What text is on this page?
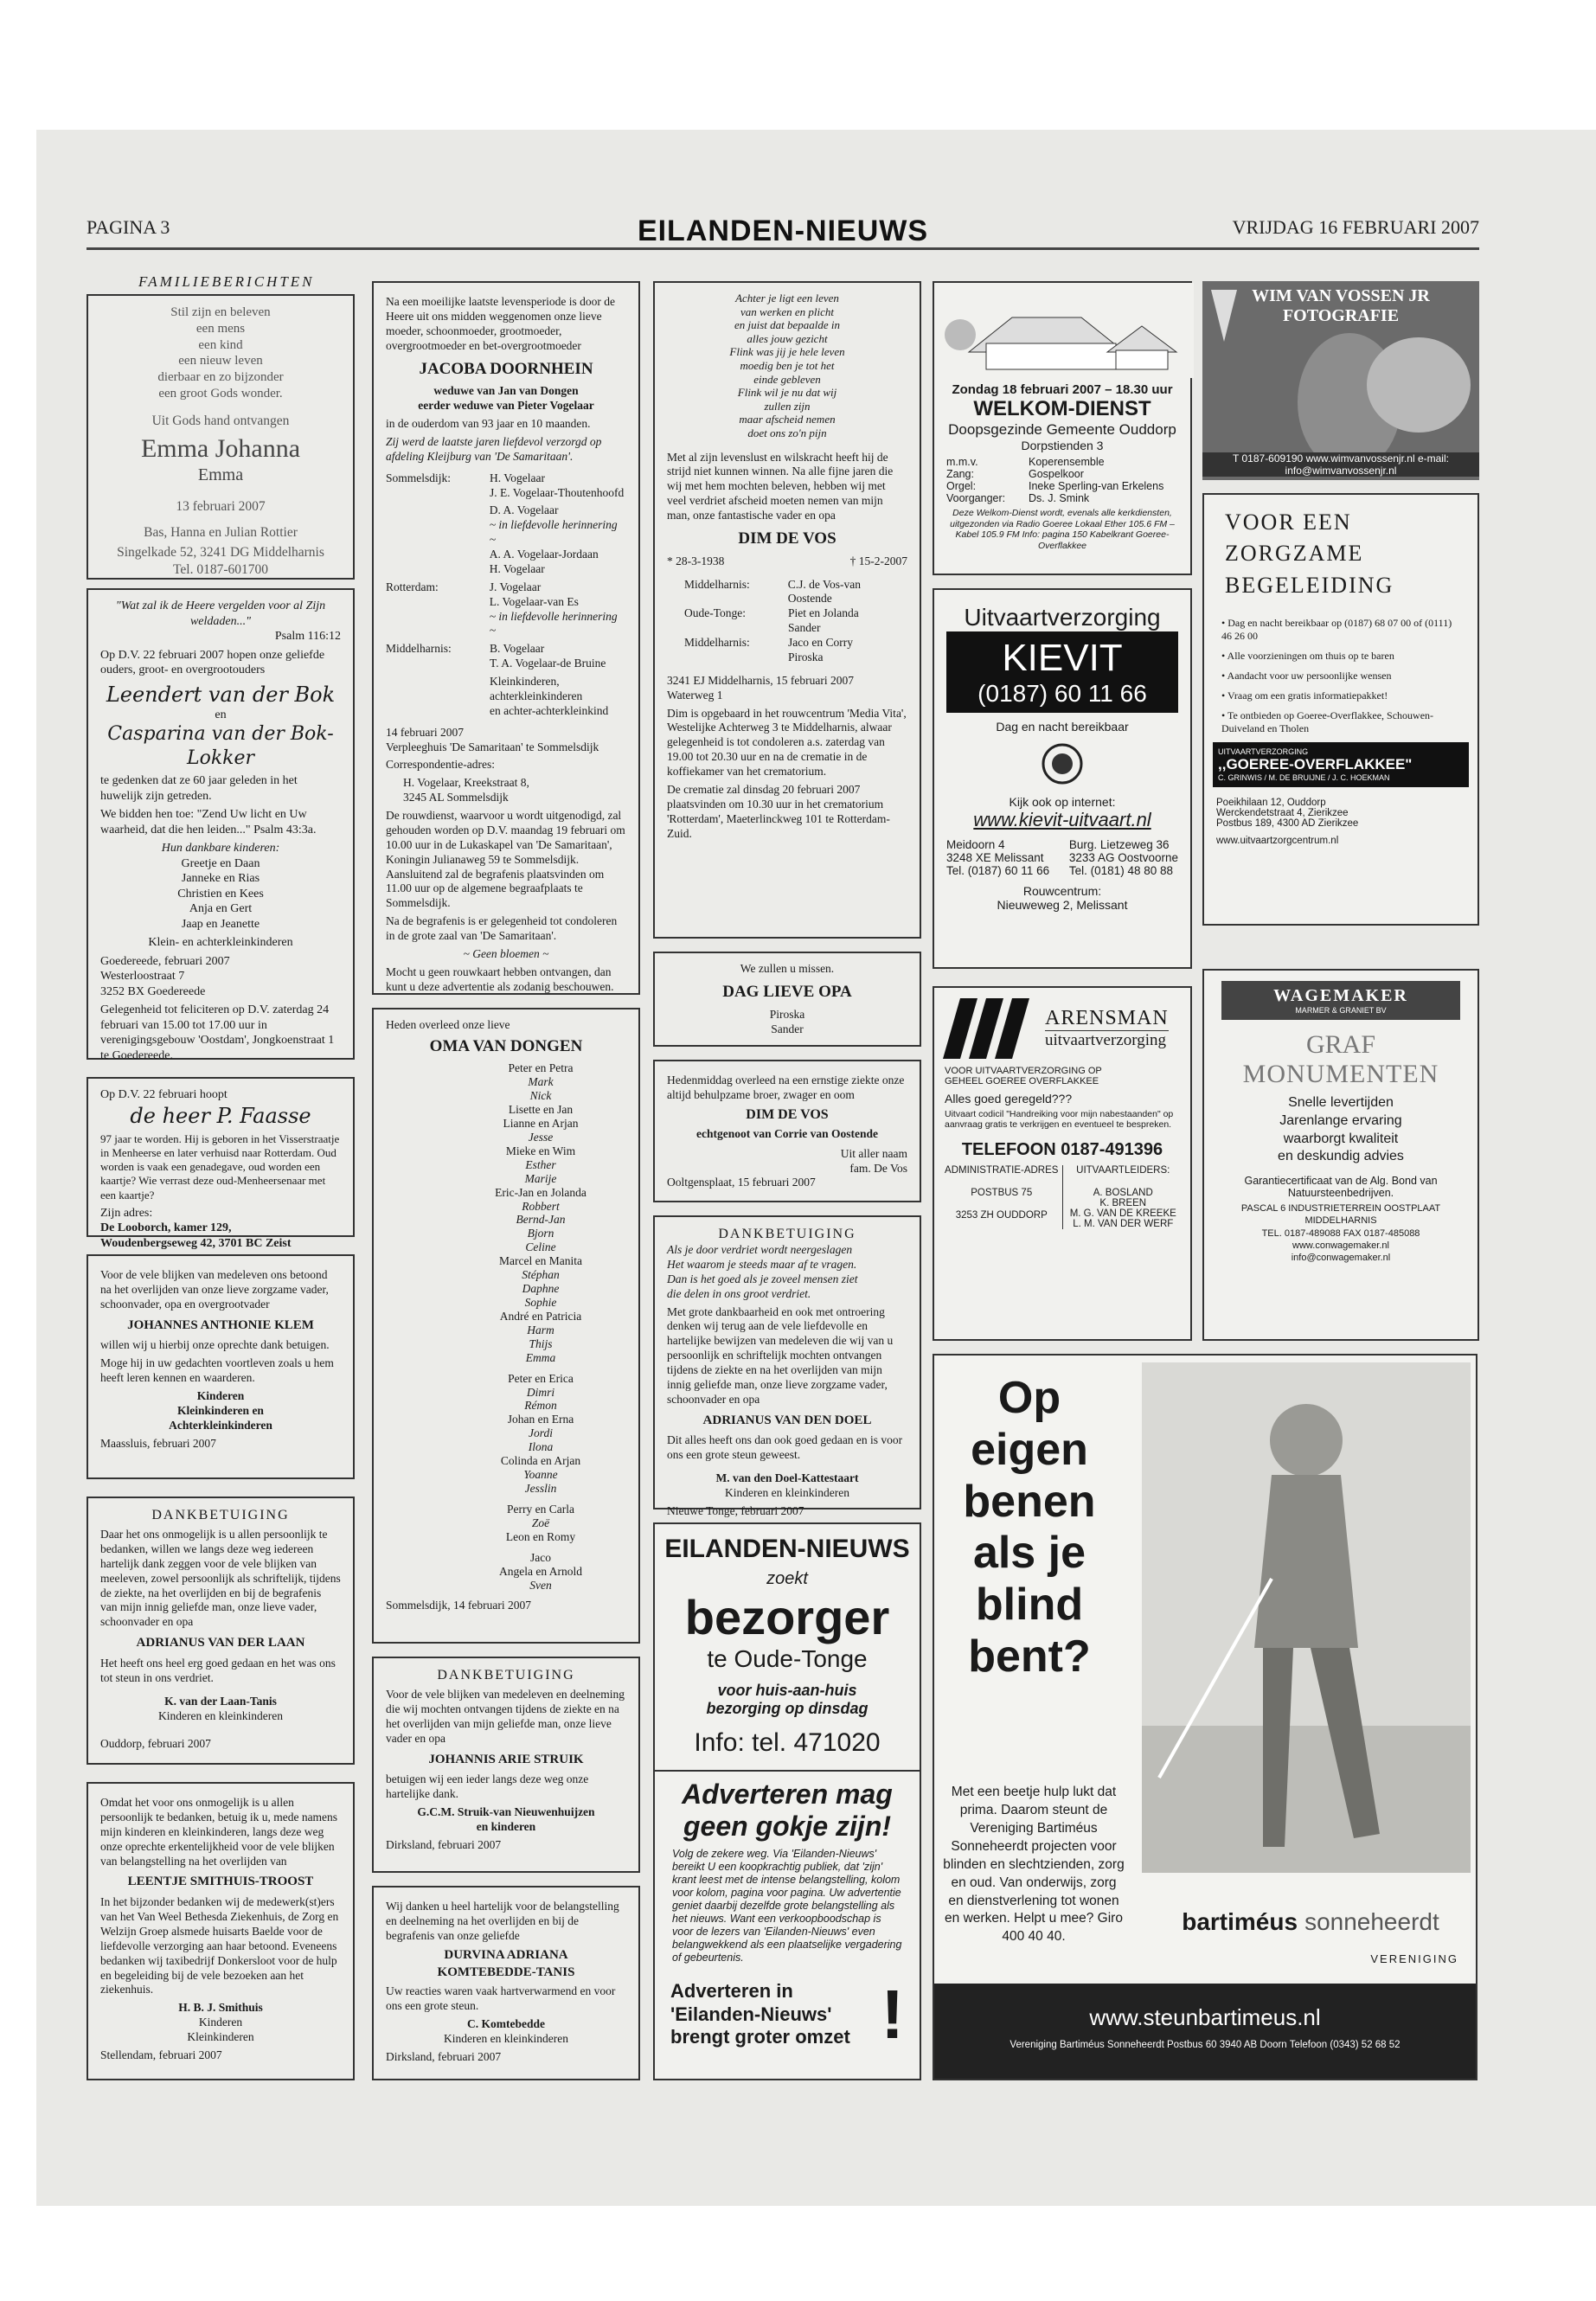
PAGINA 3	EILANDEN-NIEUWS	VRIJDAG 16 FEBRUARI 2007
FAMILIEBERICHTEN
Stil zijn en beleven
een mens
een kind
een nieuw leven
dierbaar en zo bijzonder
een groot Gods wonder.

Uit Gods hand ontvangen

Emma Johanna
Emma

13 februari 2007

Bas, Hanna en Julian Rottier

Singelkade 52, 3241 DG Middelharnis
Tel. 0187-601700
"Wat zal ik de Heere vergelden voor al Zijn weldaden..."
Psalm 116:12

Op D.V. 22 februari 2007 hopen onze geliefde ouders, groot- en overgrootouders

Leendert van der Bok
en
Casparina van der Bok-Lokker

te gedenken dat ze 60 jaar geleden in het huwelijk zijn getreden.

We bidden hen toe: "Zend Uw licht en Uw waarheid, dat die hen leiden..." Psalm 43:3a.

Hun dankbare kinderen:
Greetje en Daan
Janneke en Rias
Christien en Kees
Anja en Gert
Jaap en Jeanette

Klein- en achterkleinkinderen

Goedereede, februari 2007
Westerloostraat 7
3252 BX Goedereede

Gelegenheid tot feliciteren op D.V. zaterdag 24 februari van 15.00 tot 17.00 uur in verenigingsgebouw 'Oostdam', Jongkoenstraat 1 te Goedereede.

Op D.V. 22 februari hoopt
de heer P. Faasse

97 jaar te worden. Hij is geboren in het Visserstraatje in Menheerse en later verhuisd naar Rotterdam. Oud worden is vaak een genadegave, oud worden een kaartje? Wie verrast deze oud-Menheersenaar met een kaartje?

Zijn adres:
De Looborch, kamer 129,
Woudenbergseweg 42, 3701 BC Zeist

Voor de vele blijken van medeleven ons betoond na het overlijden van onze lieve zorgzame vader, schoonvader, opa en overgrootvader

JOHANNES ANTHONIE KLEM

willen wij u hierbij onze oprechte dank betuigen.

Moge hij in uw gedachten voortleven zoals u hem heeft leren kennen en waarderen.

Kinderen
Kleinkinderen en
Achterkleinkinderen

Maassluis, februari 2007

DANKBETUIGING

Daar het ons onmogelijk is u allen persoonlijk te bedanken, willen we langs deze weg iedereen hartelijk dank zeggen voor de vele blijken van meeleven, zowel persoonlijk als schriftelijk, tijdens de ziekte, na het overlijden en bij de begrafenis van mijn innig geliefde man, onze lieve vader, schoonvader en opa

ADRIANUS VAN DER LAAN

Het heeft ons heel erg goed gedaan en het was ons tot steun in ons verdriet.

K. van der Laan-Tanis
Kinderen en kleinkinderen

Ouddorp, februari 2007

Omdat het voor ons onmogelijk is u allen persoonlijk te bedanken, betuig ik u, mede namens mijn kinderen en kleinkinderen, langs deze weg onze oprechte erkentelijkheid voor de vele blijken van belangstelling na het overlijden van

LEENTJE SMITHUIS-TROOST

In het bijzonder bedanken wij de medewerk(st)ers van het Van Weel Bethesda Ziekenhuis, de Zorg en Welzijn Groep alsmede huisarts Baelde voor de liefdevolle verzorging aan haar betoond. Eveneens bedanken wij taxibedrijf Donkersloot voor de hulp en begeleiding bij de vele bezoeken aan het ziekenhuis.

H. B. J. Smithuis
Kinderen
Kleinkinderen

Stellendam, februari 2007

Na een moeilijke laatste levensperiode is door de Heere uit ons midden weggenomen onze lieve moeder, schoonmoeder, grootmoeder, overgrootmoeder en bet-overgrootmoeder

JACOBA DOORNHEIN
weduwe van Jan van Dongen
eerder weduwe van Pieter Vogelaar

in de ouderdom van 93 jaar en 10 maanden.

Zij werd de laatste jaren liefdevol verzorgd op afdeling Kleijburg van 'De Samaritaan'.

Sommelsdijk:	H. Vogelaar
J. E. Vogelaar-Thoutenhoofd
D. A. Vogelaar
~ in liefdevolle herinnering ~
A. A. Vogelaar-Jordaan
H. Vogelaar
Rotterdam:	J. Vogelaar
L. Vogelaar-van Es
~ in liefdevolle herinnering ~
Middelharnis:	B. Vogelaar
T. A. Vogelaar-de Bruine
Kleinkinderen,
achterkleinkinderen
en achter-achterkleinkind
14 februari 2007
Verpleeghuis 'De Samaritaan' te Sommelsdijk

Correspondentie-adres:

H. Vogelaar, Kreekstraat 8,
3245 AL Sommelsdijk

De rouwdienst, waarvoor u wordt uitgenodigd, zal gehouden worden op D.V. maandag 19 februari om 10.00 uur in de Lukaskapel van 'De Samaritaan', Koningin Julianaweg 59 te Sommelsdijk. Aansluitend zal de begrafenis plaatsvinden om 11.00 uur op de algemene begraafplaats te Sommelsdijk.

Na de begrafenis is er gelegenheid tot condoleren in de grote zaal van 'De Samaritaan'.

~ Geen bloemen ~

Mocht u geen rouwkaart hebben ontvangen, dan kunt u deze advertentie als zodanig beschouwen.

Heden overleed onze lieve
OMA VAN DONGEN
Peter en Petra
Mark
Nick
Lisette en Jan
Lianne en Arjan
Jesse
Mieke en Wim
Esther
Marije
Eric-Jan en Jolanda
Robbert
Bernd-Jan
Bjorn
Celine
Marcel en Manita
Stéphan
Daphne
Sophie
André en Patricia
Harm
Thijs
Emma
Peter en Erica
Dimri
Rémon
Johan en Erna
Jordi
Ilona
Colinda en Arjan
Yoanne
Jesslin
Perry en Carla
Zoë
Leon en Romy
Jaco
Angela en Arnold
Sven

Sommelsdijk, 14 februari 2007

DANKBETUIGING

Voor de vele blijken van medeleven en deelneming die wij mochten ontvangen tijdens de ziekte en na het overlijden van mijn geliefde man, onze lieve vader en opa

JOHANNIS ARIE STRUIK

betuigen wij een ieder langs deze weg onze hartelijke dank.

G.C.M. Struik-van Nieuwenhuijzen
en kinderen

Dirksland, februari 2007

Wij danken u heel hartelijk voor de belangstelling en deelneming na het overlijden en bij de begrafenis van onze geliefde

DURVINA ADRIANA
KOMTEBEDDE-TANIS

Uw reacties waren vaak hartverwarmend en voor ons een grote steun.

C. Komtebedde
Kinderen en kleinkinderen

Dirksland, februari 2007

Achter je ligt een leven
van werken en plicht
en juist dat bepaalde in
alles jouw gezicht
Flink was jij je hele leven
moedig ben je tot het
einde gebleven
Flink wil je nu dat wij
zullen zijn
maar afscheid nemen
doet ons zo'n pijn

Met al zijn levenslust en wilskracht heeft hij de strijd niet kunnen winnen. Na alle fijne jaren die wij met hem mochten beleven, hebben wij met veel verdriet afscheid moeten nemen van mijn man, onze fantastische vader en opa

DIM DE VOS
* 28-3-1938	† 15-2-2007
Middelharnis:	C.J. de Vos-van Oostende
Oude-Tonge:	Piet en Jolanda
Sander
Middelharnis:	Jaco en Corry
Piroska
3241 EJ Middelharnis, 15 februari 2007
Waterweg 1

Dim is opgebaard in het rouwcentrum 'Media Vita', Westelijke Achterweg 3 te Middelharnis, alwaar gelegenheid is tot condoleren a.s. zaterdag van 19.00 tot 20.30 uur en na de crematie in de koffiekamer van het crematorium.

De crematie zal dinsdag 20 februari 2007 plaatsvinden om 10.30 uur in het crematorium 'Rotterdam', Maeterlinckweg 101 te Rotterdam-Zuid.

We zullen u missen.
DAG LIEVE OPA
Piroska
Sander

Hedenmiddag overleed na een ernstige ziekte onze altijd behulpzame broer, zwager en oom

DIM DE VOS
echtgenoot van Corrie van Oostende
Uit aller naam
fam. De Vos
Ooltgensplaat, 15 februari 2007
DANKBETUIGING
Als je door verdriet wordt neergeslagen
Het waarom je steeds maar af te vragen.
Dan is het goed als je zoveel mensen ziet
die delen in ons groot verdriet.

Met grote dankbaarheid en ook met ontroering denken wij terug aan de vele liefdevolle en hartelijke bewijzen van medeleven die wij van u persoonlijk en schriftelijk mochten ontvangen tijdens de ziekte en na het overlijden van mijn innig geliefde man, onze lieve zorgzame vader, schoonvader en opa

ADRIANUS VAN DEN DOEL

Dit alles heeft ons dan ook goed gedaan en is voor ons een grote steun geweest.

M. van den Doel-Kattestaart
Kinderen en kleinkinderen

Nieuwe Tonge, februari 2007

EILANDEN-NIEUWS
zoekt
bezorger
te Oude-Tonge
voor huis-aan-huis
bezorging op dinsdag
Info: tel. 471020
Adverteren mag
geen gokje zijn!
Volg de zekere weg. Via 'Eilanden-Nieuws' bereikt U een koopkrachtig publiek, dat 'zijn' krant leest met de intense belangstelling, kolom voor kolom, pagina voor pagina. Uw advertentie geniet daarbij dezelfde grote belangstelling als het nieuws. Want een verkoopboodschap is voor de lezers van 'Eilanden-Nieuws' even belangwekkend als een plaatselijke vergadering of gebeurtenis.
Adverteren in
'Eilanden-Nieuws'
brengt groter omzet !
Zondag 18 februari 2007 – 18.30 uur
WELKOM-DIENST
Doopsgezinde Gemeente Ouddorp
Dorpstienden 3
m.m.v.	Koperensemble
Zang:	Gospelkoor
Orgel:	Ineke Sperling-van Erkelens
Voorganger:	Ds. J. Smink
Deze Welkom-Dienst wordt, evenals alle kerkdiensten, uitgezonden via Radio Goeree Lokaal Ether 105.6 FM – Kabel 105.9 FM Info: pagina 150 Kabelkrant Goeree-Overflakkee
Uitvaartverzorging
KIEVIT
(0187) 60 11 66
Dag en nacht bereikbaar
Kijk ook op internet:
www.kievit-uitvaart.nl
Meidoorn 4
3248 XE Melissant
Tel. (0187) 60 11 66
Burg. Lietzeweg 36
3233 AG Oostvoorne
Tel. (0181) 48 80 88
Rouwcentrum:
Nieuweweg 2, Melissant
ARENSMAN
uitvaartverzorging
VOOR UITVAARTVERZORGING OP
GEHEEL GOEREE OVERFLAKKEE
Alles goed geregeld???
Uitvaart codicil "Handreiking voor mijn nabestaanden" op aanvraag gratis te verkrijgen en eventueel te bespreken.
TELEFOON 0187-491396
ADMINISTRATIE-ADRES
POSTBUS 75
3253 ZH OUDDORP
UITVAARTLEIDERS:
A. BOSLAND
K. BREEN
M. G. VAN DE KREEKE
L. M. VAN DER WERF
Op
eigen
benen
als je
blind
bent?
Met een beetje hulp lukt dat prima. Daarom steunt de Vereniging Bartiméus Sonneheerdt projecten voor blinden en slechtzienden, zorg en oud. Van onderwijs, zorg en dienstverlening tot wonen en werken. Helpt u mee? Giro 400 40 40.
bartiméus sonneheerdt
VERENIGING
www.steunbartimeus.nl
Vereniging Bartiméus Sonneheerdt Postbus 60 3940 AB Doorn Telefoon (0343) 52 68 52
WIM VAN VOSSEN JR
FOTOGRAFIE
T 0187-609190 www.wimvanvossenjr.nl e-mail: info@wimvanvossenjr.nl
VOOR EEN
ZORGZAME
BEGELEIDING
• Dag en nacht bereikbaar op (0187) 68 07 00 of (0111) 46 26 00
• Alle voorzieningen om thuis op te baren
• Aandacht voor uw persoonlijke wensen
• Vraag om een gratis informatiepakket!
• Te ontbieden op Goeree-Overflakkee, Schouwen-Duiveland en Tholen
UITVAARTVERZORGING
,,GOEREE-OVERFLAKKEE"
C. GRINWIS / M. DE BRUIJNE / J. C. HOEKMAN
Poeikhilaan 12, Ouddorp
Werckendetstraat 4, Zierikzee
Postbus 189, 4300 AD Zierikzee
www.uitvaartzorgcentrum.nl
WAGEMAKER
MARMER & GRANIET BV
GRAF
MONUMENTEN
Snelle levertijden
Jarenlange ervaring
waarborgt kwaliteit
en deskundig advies
Garantiecertificaat van de Alg. Bond van Natuursteenbedrijven.
PASCAL 6 INDUSTRIETERREIN OOSTPLAAT
MIDDELHARNIS
TEL. 0187-489088 FAX 0187-485088
www.conwagemaker.nl
info@conwagemaker.nl
